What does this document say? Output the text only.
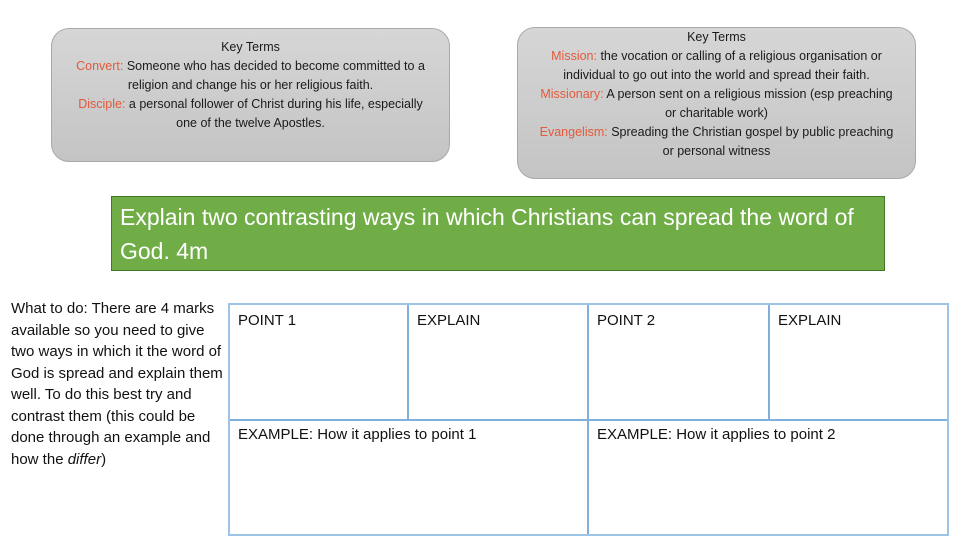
Key Terms
Convert: Someone who has decided to become committed to a religion and change his or her religious faith.
Disciple: a personal follower of Christ during his life, especially one of the twelve Apostles.
Key Terms
Mission: the vocation or calling of a religious organisation or individual to go out into the world and spread their faith.
Missionary: A person sent on a religious mission (esp preaching or charitable work)
Evangelism: Spreading the Christian gospel by public preaching or personal witness
Explain two contrasting ways in which Christians can spread the word of God. 4m
What to do: There are 4 marks available so you need to give two ways in which it the word of God is spread and explain them well. To do this best try and contrast them (this could be done through an example and how the differ)
POINT 1	EXPLAIN	POINT 2	EXPLAIN
EXAMPLE: How it applies to point 1	EXAMPLE: How it applies to point 2
